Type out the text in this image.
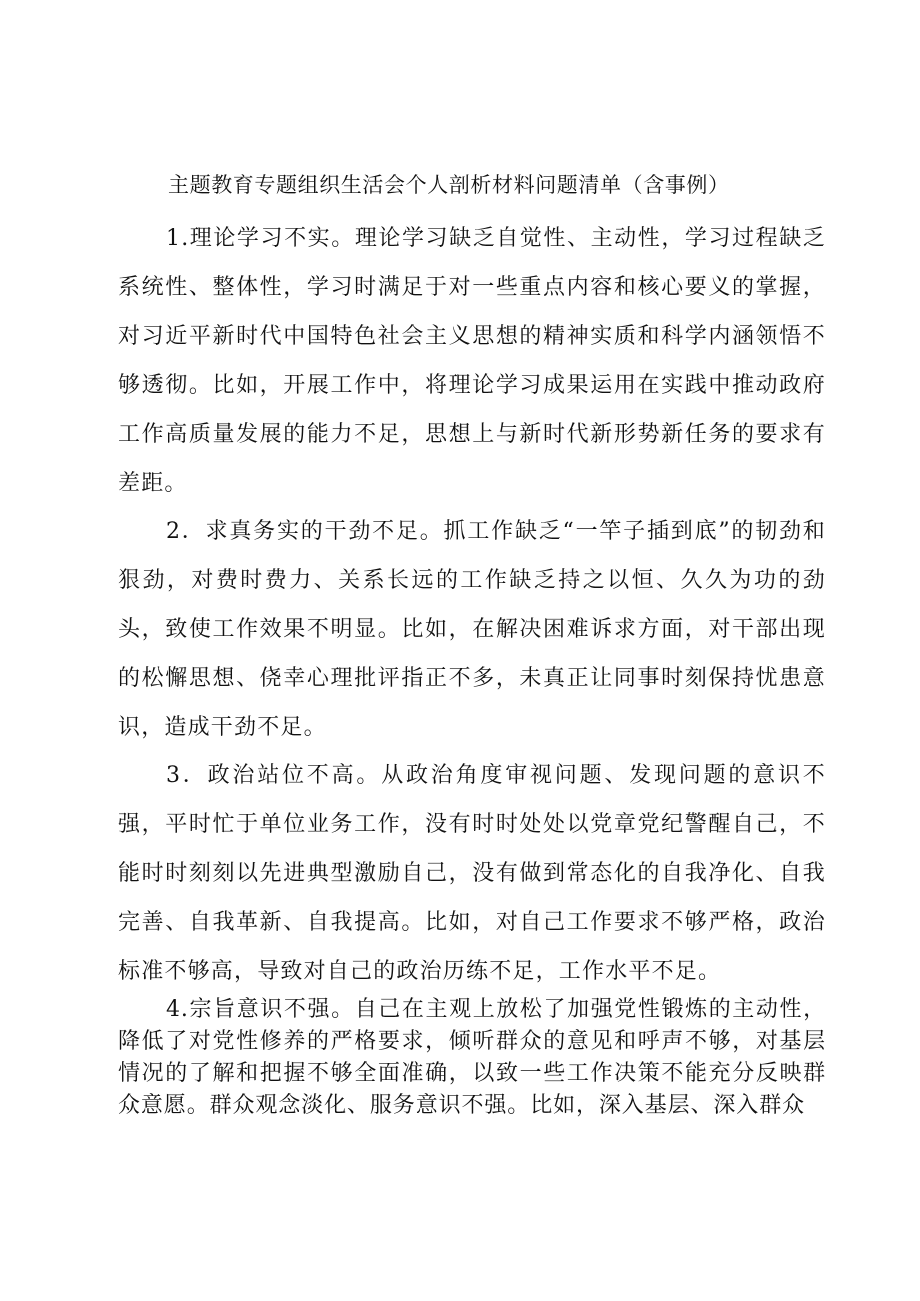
主题教育专题组织生活会个人剖析材料问题清单（含事例）

1.理论学习不实。理论学习缺乏自觉性、主动性，学习过程缺乏系统性、整体性，学习时满足于对一些重点内容和核心要义的掌握，对习近平新时代中国特色社会主义思想的精神实质和科学内涵领悟不够透彻。比如，开展工作中，将理论学习成果运用在实践中推动政府工作高质量发展的能力不足，思想上与新时代新形势新任务的要求有差距。

2．求真务实的干劲不足。抓工作缺乏“一竿子插到底”的韧劲和狠劲，对费时费力、关系长远的工作缺乏持之以恒、久久为功的劲头，致使工作效果不明显。比如，在解决困难诉求方面，对干部出现的松懈思想、侥幸心理批评指正不多，未真正让同事时刻保持忧患意识，造成干劲不足。

3．政治站位不高。从政治角度审视问题、发现问题的意识不强，平时忙于单位业务工作，没有时时处处以党章党纪警醒自己，不能时时刻刻以先进典型激励自己，没有做到常态化的自我净化、自我完善、自我革新、自我提高。比如，对自己工作要求不够严格，政治标准不够高，导致对自己的政治历练不足，工作水平不足。

4.宗旨意识不强。自己在主观上放松了加强党性锻炼的主动性，降低了对党性修养的严格要求，倾听群众的意见和呼声不够，对基层情况的了解和把握不够全面准确，以致一些工作决策不能充分反映群众意愿。群众观念淡化、服务意识不强。比如，深入基层、深入群众
